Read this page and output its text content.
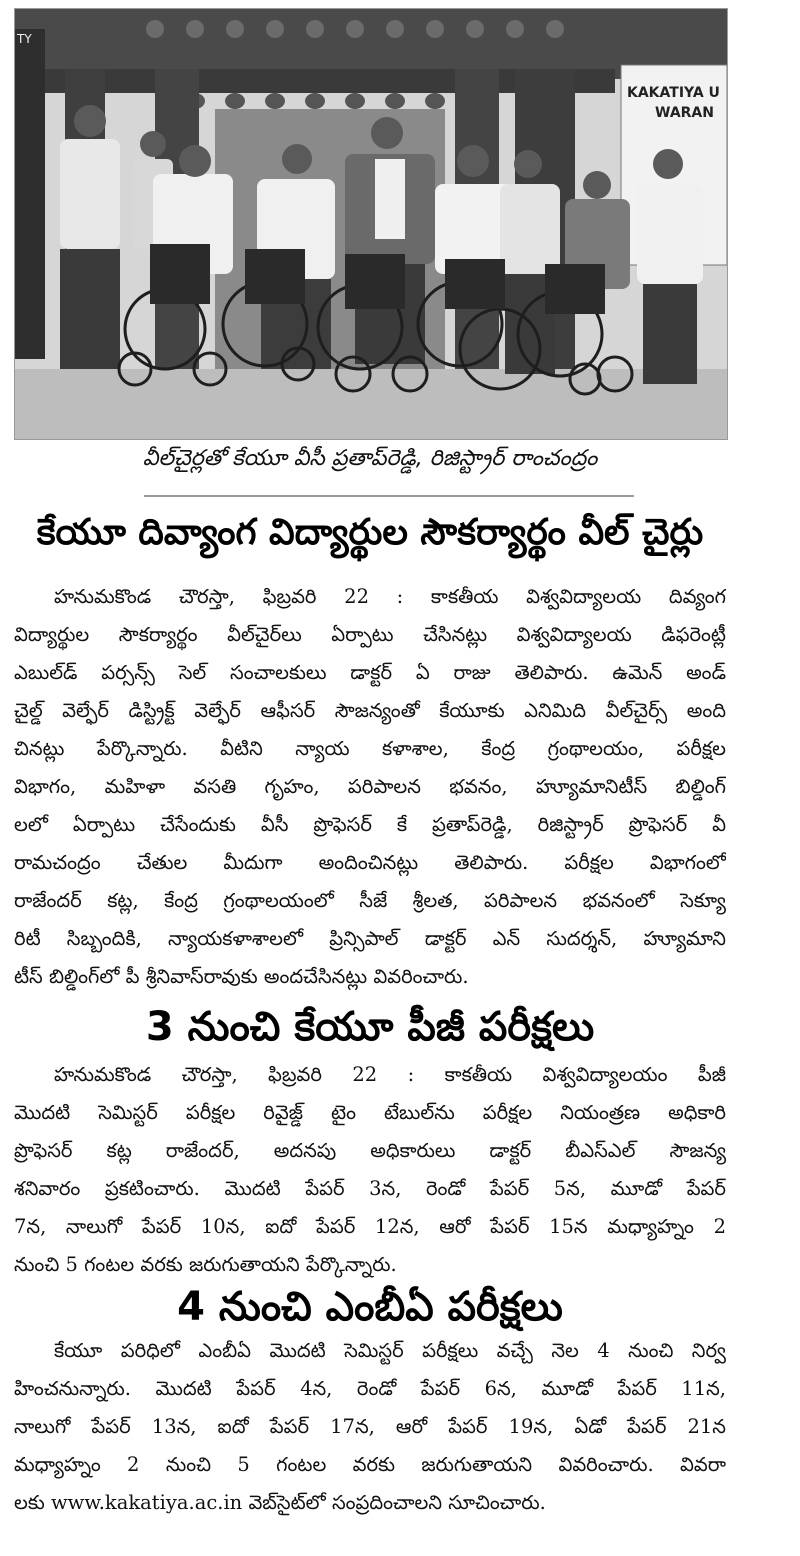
KAKATIYA U
WARAN
TY
వీల్‌చైర్లతో కేయూ వీసీ ప్రతాప్‌రెడ్డి, రిజిస్ట్రార్ రాంచంద్రం
కేయూ దివ్యాంగ విద్యార్థుల సౌకర్యార్థం వీల్ చైర్లు
హనుమకొండ చౌరస్తా, ఫిబ్రవరి 22 : కాకతీయ విశ్వవిద్యాలయ దివ్యంగ
విద్యార్థుల సౌకర్యార్థం వీల్‌చైర్‌లు ఏర్పాటు చేసినట్లు విశ్వవిద్యాలయ డిఫరెంట్లీ
ఎబుల్‌డ్ పర్సన్స్ సెల్ సంచాలకులు డాక్టర్ ఏ రాజు తెలిపారు. ఉమెన్ అండ్
చైల్డ్ వెల్ఫేర్ డిస్ట్రిక్ట్ వెల్ఫేర్ ఆఫీసర్ సౌజన్యంతో కేయూకు ఎనిమిది వీల్‌చైర్స్ అంది
చినట్లు పేర్కొన్నారు. వీటిని న్యాయ కళాశాల, కేంద్ర గ్రంథాలయం, పరీక్షల
విభాగం, మహిళా వసతి గృహం, పరిపాలన భవనం, హ్యూమానిటీస్ బిల్డింగ్
లలో ఏర్పాటు చేసేందుకు వీసీ ప్రొఫెసర్ కే ప్రతాప్‌రెడ్డి, రిజిస్ట్రార్ ప్రొఫెసర్ వీ
రామచంద్రం చేతుల మీదుగా అందించినట్లు తెలిపారు. పరీక్షల విభాగంలో
రాజేందర్ కట్ల, కేంద్ర గ్రంథాలయంలో సీజే శ్రీలత, పరిపాలన భవనంలో సెక్యూ
రిటీ సిబ్బందికి, న్యాయకళాశాలలో ప్రిన్సిపాల్ డాక్టర్ ఎన్ సుదర్శన్, హ్యూమాని
టీస్ బిల్డింగ్‌లో పీ శ్రీనివాస్‌రావుకు అందచేసినట్లు వివరించారు.
3 నుంచి కేయూ పీజీ పరీక్షలు
హనుమకొండ చౌరస్తా, ఫిబ్రవరి 22 : కాకతీయ విశ్వవిద్యాలయం పీజీ
మొదటి సెమిస్టర్ పరీక్షల రివైజ్డ్ టైం టేబుల్‌ను పరీక్షల నియంత్రణ అధికారి
ప్రొఫెసర్ కట్ల రాజేందర్, అదనపు అధికారులు డాక్టర్ బీఎస్‌ఎల్ సౌజన్య
శనివారం ప్రకటించారు. మొదటి పేపర్ 3న, రెండో పేపర్ 5న, మూడో పేపర్
7న, నాలుగో పేపర్ 10న, ఐదో పేపర్ 12న, ఆరో పేపర్ 15న మధ్యాహ్నం 2
నుంచి 5 గంటల వరకు జరుగుతాయని పేర్కొన్నారు.
4 నుంచి ఎంబీఏ పరీక్షలు
కేయూ పరిధిలో ఎంబీఏ మొదటి సెమిస్టర్ పరీక్షలు వచ్చే నెల 4 నుంచి నిర్వ
హించనున్నారు. మొదటి పేపర్ 4న, రెండో పేపర్ 6న, మూడో పేపర్ 11న,
నాలుగో పేపర్ 13న, ఐదో పేపర్ 17న, ఆరో పేపర్ 19న, ఏడో పేపర్ 21న
మధ్యాహ్నం 2 నుంచి 5 గంటల వరకు జరుగుతాయని వివరించారు. వివరా
లకు www.kakatiya.ac.in వెబ్‌సైట్‌లో సంప్రదించాలని సూచించారు.
